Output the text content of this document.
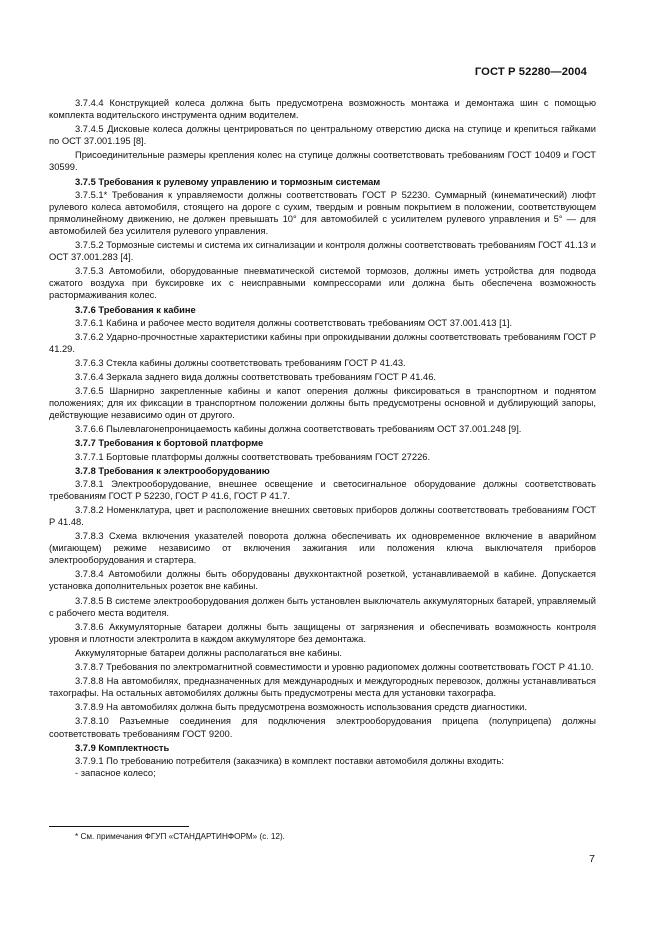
ГОСТ Р 52280—2004

3.7.4.4 Конструкцией колеса должна быть предусмотрена возможность монтажа и демонтажа шин с помощью комплекта водительского инструмента одним водителем.

3.7.4.5 Дисковые колеса должны центрироваться по центральному отверстию диска на ступице и крепиться гайками по ОСТ 37.001.195 [8].

Присоединительные размеры крепления колес на ступице должны соответствовать требованиям ГОСТ 10409 и ГОСТ 30599.

3.7.5 Требования к рулевому управлению и тормозным системам

3.7.5.1* Требования к управляемости должны соответствовать ГОСТ Р 52230. Суммарный (кинематический) люфт рулевого колеса автомобиля, стоящего на дороге с сухим, твердым и ровным покрытием в положении, соответствующем прямолинейному движению, не должен превышать 10° для автомобилей с усилителем рулевого управления и 5° — для автомобилей без усилителя рулевого управления.

3.7.5.2 Тормозные системы и система их сигнализации и контроля должны соответствовать требованиям ГОСТ 41.13 и ОСТ 37.001.283 [4].

3.7.5.3 Автомобили, оборудованные пневматической системой тормозов, должны иметь устройства для подвода сжатого воздуха при буксировке их с неисправными компрессорами или должна быть обеспечена возможность растормаживания колес.

3.7.6 Требования к кабине

3.7.6.1 Кабина и рабочее место водителя должны соответствовать требованиям ОСТ 37.001.413 [1].

3.7.6.2 Ударно-прочностные характеристики кабины при опрокидывании должны соответствовать требованиям ГОСТ Р 41.29.

3.7.6.3 Стекла кабины должны соответствовать требованиям ГОСТ Р 41.43.

3.7.6.4 Зеркала заднего вида должны соответствовать требованиям ГОСТ Р 41.46.

3.7.6.5 Шарнирно закрепленные кабины и капот оперения должны фиксироваться в транспортном и поднятом положениях; для их фиксации в транспортном положении должны быть предусмотрены основной и дублирующий запоры, действующие независимо один от другого.

3.7.6.6 Пылевлагонепроницаемость кабины должна соответствовать требованиям ОСТ 37.001.248 [9].

3.7.7 Требования к бортовой платформе

3.7.7.1 Бортовые платформы должны соответствовать требованиям ГОСТ 27226.

3.7.8 Требования к электрооборудованию

3.7.8.1 Электрооборудование, внешнее освещение и светосигнальное оборудование должны соответствовать требованиям ГОСТ Р 52230, ГОСТ Р 41.6, ГОСТ Р 41.7.

3.7.8.2 Номенклатура, цвет и расположение внешних световых приборов должны соответствовать требованиям ГОСТ Р 41.48.

3.7.8.3 Схема включения указателей поворота должна обеспечивать их одновременное включение в аварийном (мигающем) режиме независимо от включения зажигания или положения ключа выключателя приборов электрооборудования и стартера.

3.7.8.4 Автомобили должны быть оборудованы двухконтактной розеткой, устанавливаемой в кабине. Допускается установка дополнительных розеток вне кабины.

3.7.8.5 В системе электрооборудования должен быть установлен выключатель аккумуляторных батарей, управляемый с рабочего места водителя.

3.7.8.6 Аккумуляторные батареи должны быть защищены от загрязнения и обеспечивать возможность контроля уровня и плотности электролита в каждом аккумуляторе без демонтажа.

Аккумуляторные батареи должны располагаться вне кабины.

3.7.8.7 Требования по электромагнитной совместимости и уровню радиопомех должны соответствовать ГОСТ Р 41.10.

3.7.8.8 На автомобилях, предназначенных для международных и междугородных перевозок, должны устанавливаться тахографы. На остальных автомобилях должны быть предусмотрены места для установки тахографа.

3.7.8.9 На автомобилях должна быть предусмотрена возможность использования средств диагностики.

3.7.8.10 Разъемные соединения для подключения электрооборудования прицепа (полуприцепа) должны соответствовать требованиям ГОСТ 9200.

3.7.9 Комплектность

3.7.9.1 По требованию потребителя (заказчика) в комплект поставки автомобиля должны входить:

- запасное колесо;

* См. примечания ФГУП «СТАНДАРТИНФОРМ» (с. 12).
7
